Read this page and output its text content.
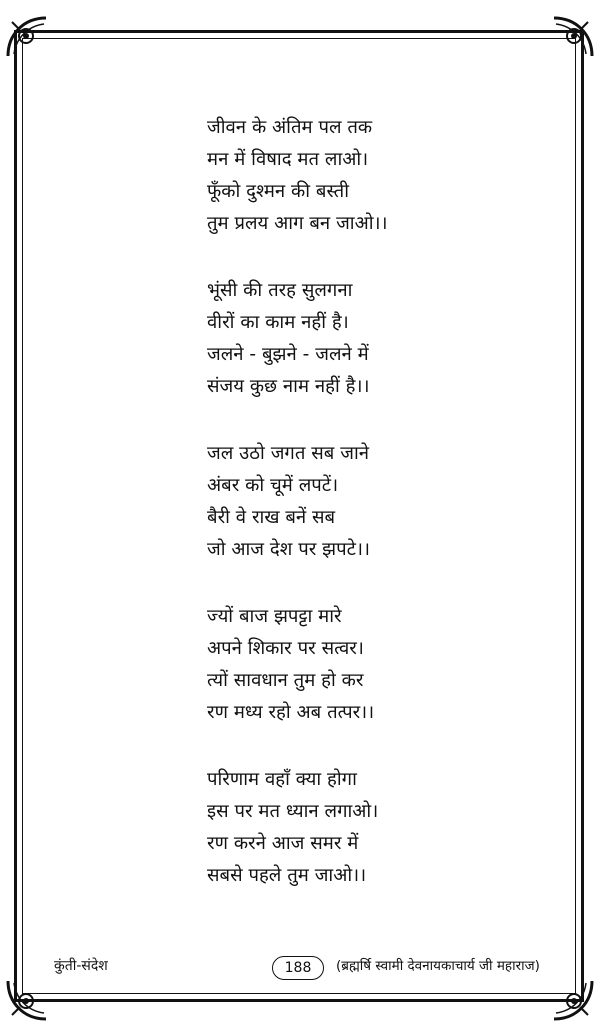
जीवन के अंतिम पल तक
मन में विषाद मत लाओ।
फूँको दुश्मन की बस्ती
तुम प्रलय आग बन जाओ।।
भूंसी की तरह सुलगना
वीरों का काम नहीं है।
जलने - बुझने - जलने में
संजय कुछ नाम नहीं है।।
जल उठो जगत सब जाने
अंबर को चूमें लपटें।
बैरी वे राख बनें सब
जो आज देश पर झपटे।।
ज्यों बाज झपट्टा मारे
अपने शिकार पर सत्वर।
त्यों सावधान तुम हो कर
रण मध्य रहो अब तत्पर।।
परिणाम वहाँ क्या होगा
इस पर मत ध्यान लगाओ।
रण करने आज समर में
सबसे पहले तुम जाओ।।
कुंती-संदेश	188	(ब्रह्मर्षि स्वामी देवनायकाचार्य जी महाराज)
